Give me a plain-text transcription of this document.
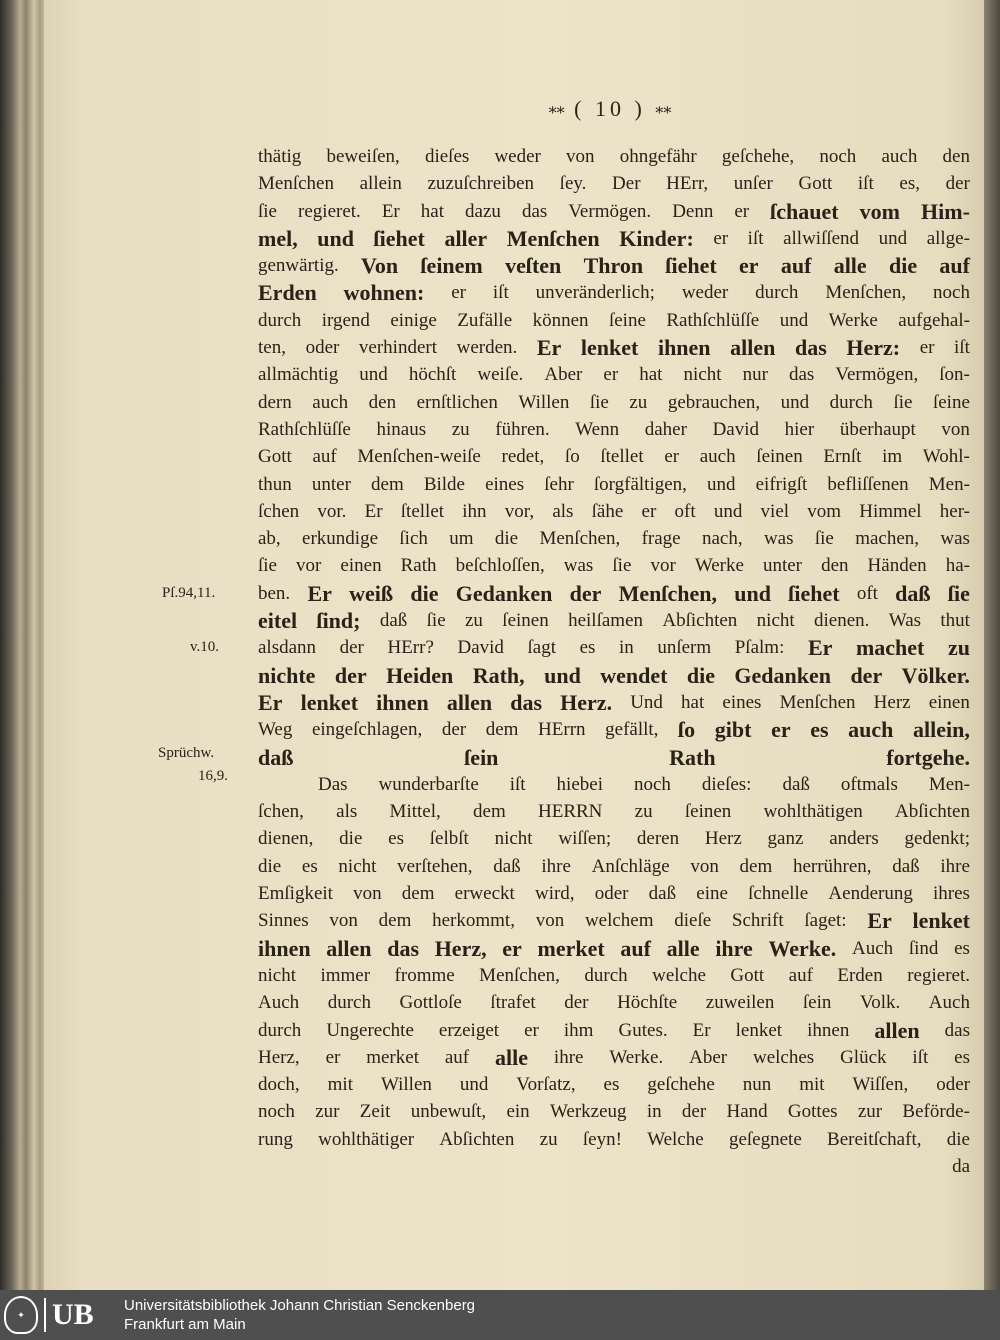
⁎⁎ ( 10 ) ⁎⁎
thätig beweiſen, dieſes weder von ohngefähr geſchehe, noch auch den
Menſchen allein zuzuſchreiben ſey. Der HErr, unſer Gott iſt es, der
ſie regieret. Er hat dazu das Vermögen. Denn er ſchauet vom Him-
mel, und ſiehet aller Menſchen Kinder: er iſt allwiſſend und allge-
genwärtig. Von ſeinem veſten Thron ſiehet er auf alle die auf
Erden wohnen: er iſt unveränderlich; weder durch Menſchen, noch
durch irgend einige Zufälle können ſeine Rathſchlüſſe und Werke aufgehal-
ten, oder verhindert werden. Er lenket ihnen allen das Herz: er iſt
allmächtig und höchſt weiſe. Aber er hat nicht nur das Vermögen, ſon-
dern auch den ernſtlichen Willen ſie zu gebrauchen, und durch ſie ſeine
Rathſchlüſſe hinaus zu führen. Wenn daher David hier überhaupt von
Gott auf Menſchen-weiſe redet, ſo ſtellet er auch ſeinen Ernſt im Wohl-
thun unter dem Bilde eines ſehr ſorgfältigen, und eifrigſt befliſſenen Men-
ſchen vor. Er ſtellet ihn vor, als ſähe er oft und viel vom Himmel her-
ab, erkundige ſich um die Menſchen, frage nach, was ſie machen, was
ſie vor einen Rath beſchloſſen, was ſie vor Werke unter den Händen ha-
ben. Er weiß die Gedanken der Menſchen, und ſiehet oft daß ſie
eitel ſind; daß ſie zu ſeinen heilſamen Abſichten nicht dienen. Was thut
alsdann der HErr? David ſagt es in unſerm Pſalm: Er machet zu
nichte der Heiden Rath, und wendet die Gedanken der Völker.
Er lenket ihnen allen das Herz. Und hat eines Menſchen Herz einen
Weg eingeſchlagen, der dem HErrn gefällt, ſo gibt er es auch allein,
daß	ſein	Rath	fortgehe.
Das wunderbarſte iſt hiebei noch dieſes: daß oftmals Men-
ſchen, als Mittel, dem HERRN zu ſeinen wohlthätigen Abſichten
dienen, die es ſelbſt nicht wiſſen; deren Herz ganz anders gedenkt;
die es nicht verſtehen, daß ihre Anſchläge von dem herrühren, daß ihre
Emſigkeit von dem erweckt wird, oder daß eine ſchnelle Aenderung ihres
Sinnes von dem herkommt, von welchem dieſe Schrift ſaget: Er lenket
ihnen allen das Herz, er merket auf alle ihre Werke. Auch ſind es
nicht immer fromme Menſchen, durch welche Gott auf Erden regieret.
Auch durch Gottloſe ſtrafet der Höchſte zuweilen ſein Volk. Auch
durch Ungerechte erzeiget er ihm Gutes. Er lenket ihnen allen das
Herz, er merket auf alle ihre Werke. Aber welches Glück iſt es
doch, mit Willen und Vorſatz, es geſchehe nun mit Wiſſen, oder
noch zur Zeit unbewuſt, ein Werkzeug in der Hand Gottes zur Beförde-
rung wohlthätiger Abſichten zu ſeyn! Welche geſegnete Bereitſchaft, die
da
Pſ.94,11.
v.10.
Sprüchw.
16,9.
✦ UB Universitätsbibliothek Johann Christian Senckenberg
Frankfurt am Main
